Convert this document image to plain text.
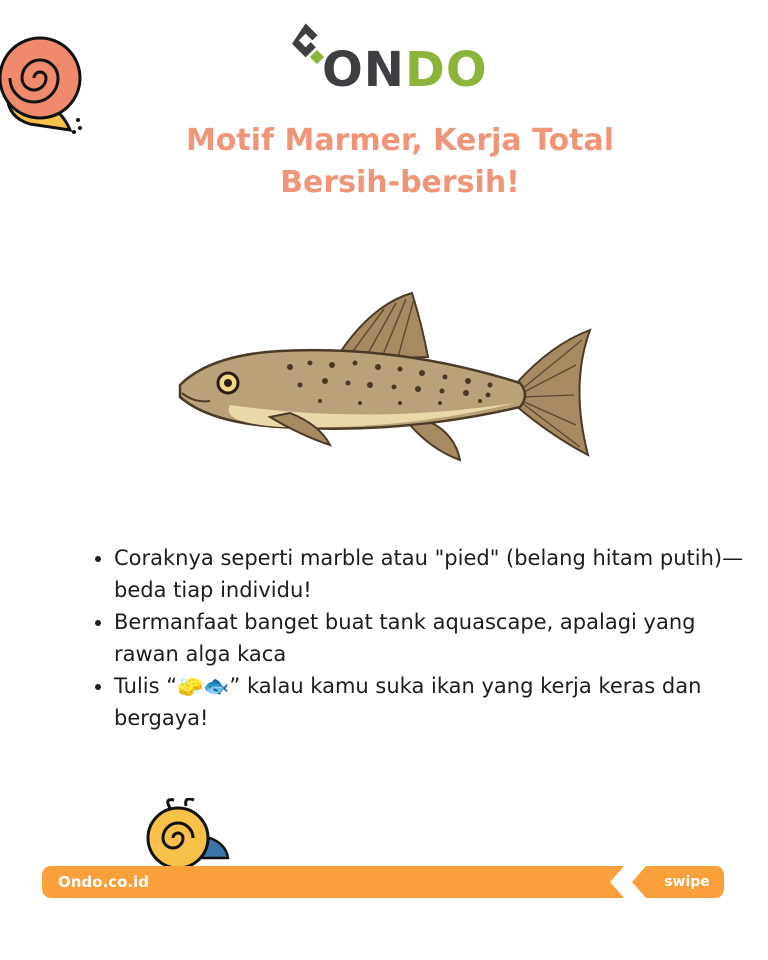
ONDO
Motif Marmer, Kerja Total
Bersih-bersih!
• Coraknya seperti marble atau "pied" (belang hitam putih)—beda tiap individu!
• Bermanfaat banget buat tank aquascape, apalagi yang rawan alga kaca
• Tulis “🧽🐟” kalau kamu suka ikan yang kerja keras dan bergaya!
Ondo.co.id	swipe
